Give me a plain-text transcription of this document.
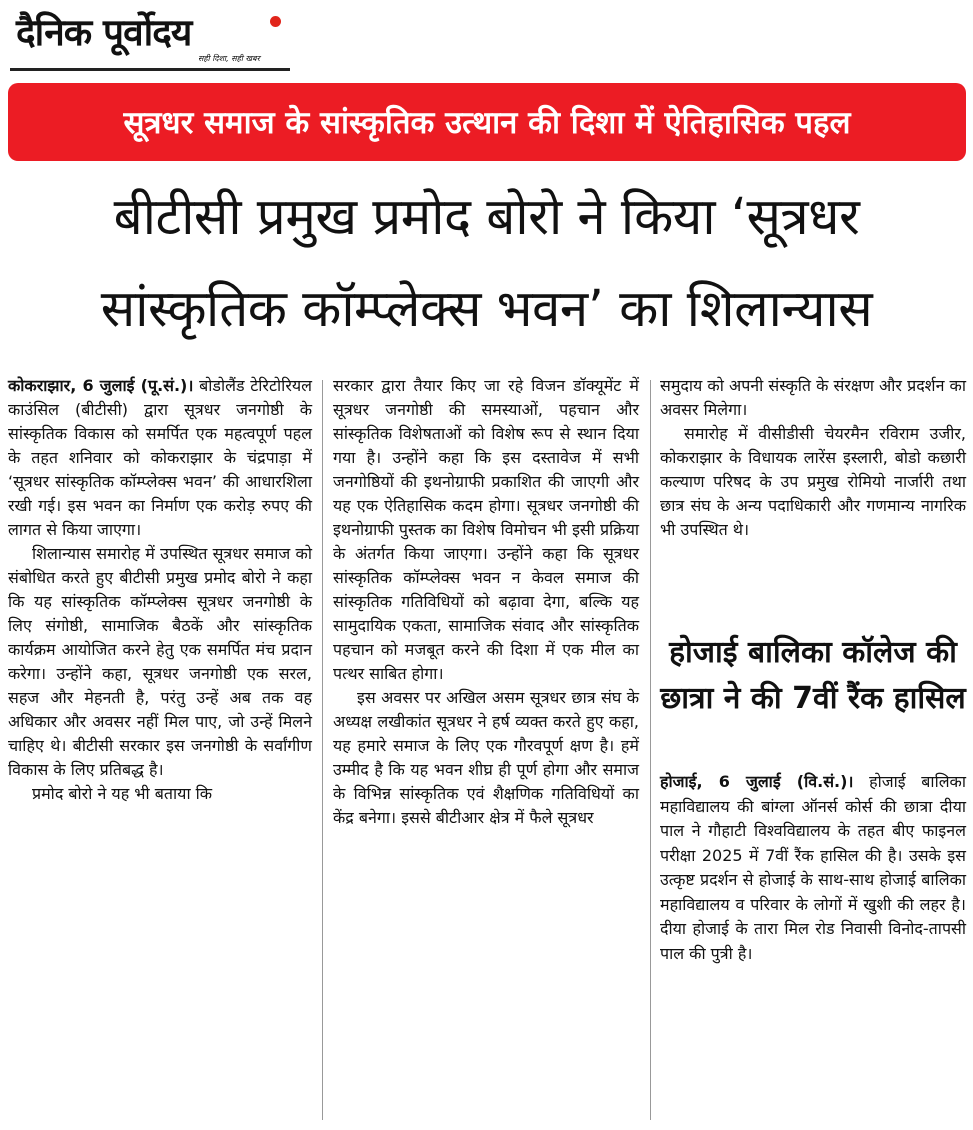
दैनिक पूर्वोदय
सही दिशा, सही खबर
सूत्रधर समाज के सांस्कृतिक उत्थान की दिशा में ऐतिहासिक पहल
बीटीसी प्रमुख प्रमोद बोरो ने किया ‘सूत्रधर
सांस्कृतिक कॉम्प्लेक्स भवन’ का शिलान्यास

कोकराझार, 6 जुलाई (पू.सं.)। बोडोलैंड टेरिटोरियल काउंसिल (बीटीसी) द्वारा सूत्रधर जनगोष्ठी के सांस्कृतिक विकास को समर्पित एक महत्वपूर्ण पहल के तहत शनिवार को कोकराझार के चंद्रपाड़ा में ‘सूत्रधर सांस्कृतिक कॉम्प्लेक्स भवन’ की आधारशिला रखी गई। इस भवन का निर्माण एक करोड़ रुपए की लागत से किया जाएगा।

शिलान्यास समारोह में उपस्थित सूत्रधर समाज को संबोधित करते हुए बीटीसी प्रमुख प्रमोद बोरो ने कहा कि यह सांस्कृतिक कॉम्प्लेक्स सूत्रधर जनगोष्ठी के लिए संगोष्ठी, सामाजिक बैठकें और सांस्कृतिक कार्यक्रम आयोजित करने हेतु एक समर्पित मंच प्रदान करेगा। उन्होंने कहा, सूत्रधर जनगोष्ठी एक सरल, सहज और मेहनती है, परंतु उन्हें अब तक वह अधिकार और अवसर नहीं मिल पाए, जो उन्हें मिलने चाहिए थे। बीटीसी सरकार इस जनगोष्ठी के सर्वांगीण विकास के लिए प्रतिबद्ध है।

प्रमोद बोरो ने यह भी बताया कि

सरकार द्वारा तैयार किए जा रहे विजन डॉक्यूमेंट में सूत्रधर जनगोष्ठी की समस्याओं, पहचान और सांस्कृतिक विशेषताओं को विशेष रूप से स्थान दिया गया है। उन्होंने कहा कि इस दस्तावेज में सभी जनगोष्ठियों की इथनोग्राफी प्रकाशित की जाएगी और यह एक ऐतिहासिक कदम होगा। सूत्रधर जनगोष्ठी की इथनोग्राफी पुस्तक का विशेष विमोचन भी इसी प्रक्रिया के अंतर्गत किया जाएगा। उन्होंने कहा कि सूत्रधर सांस्कृतिक कॉम्प्लेक्स भवन न केवल समाज की सांस्कृतिक गतिविधियों को बढ़ावा देगा, बल्कि यह सामुदायिक एकता, सामाजिक संवाद और सांस्कृतिक पहचान को मजबूत करने की दिशा में एक मील का पत्थर साबित होगा।

इस अवसर पर अखिल असम सूत्रधर छात्र संघ के अध्यक्ष लखीकांत सूत्रधर ने हर्ष व्यक्त करते हुए कहा, यह हमारे समाज के लिए एक गौरवपूर्ण क्षण है। हमें उम्मीद है कि यह भवन शीघ्र ही पूर्ण होगा और समाज के विभिन्न सांस्कृतिक एवं शैक्षणिक गतिविधियों का केंद्र बनेगा। इससे बीटीआर क्षेत्र में फैले सूत्रधर

समुदाय को अपनी संस्कृति के संरक्षण और प्रदर्शन का अवसर मिलेगा।

समारोह में वीसीडीसी चेयरमैन रविराम उजीर, कोकराझार के विधायक लारेंस इस्लारी, बोडो कछारी कल्याण परिषद के उप प्रमुख रोमियो नार्जारी तथा छात्र संघ के अन्य पदाधिकारी और गणमान्य नागरिक भी उपस्थित थे।

होजाई बालिका कॉलेज की छात्रा ने की 7वीं रैंक हासिल

होजाई, 6 जुलाई (वि.सं.)। होजाई बालिका महाविद्यालय की बांग्ला ऑनर्स कोर्स की छात्रा दीया पाल ने गौहाटी विश्वविद्यालय के तहत बीए फाइनल परीक्षा 2025 में 7वीं रैंक हासिल की है। उसके इस उत्कृष्ट प्रदर्शन से होजाई के साथ-साथ होजाई बालिका महाविद्यालय व परिवार के लोगों में खुशी की लहर है। दीया होजाई के तारा मिल रोड निवासी विनोद-तापसी पाल की पुत्री है।
